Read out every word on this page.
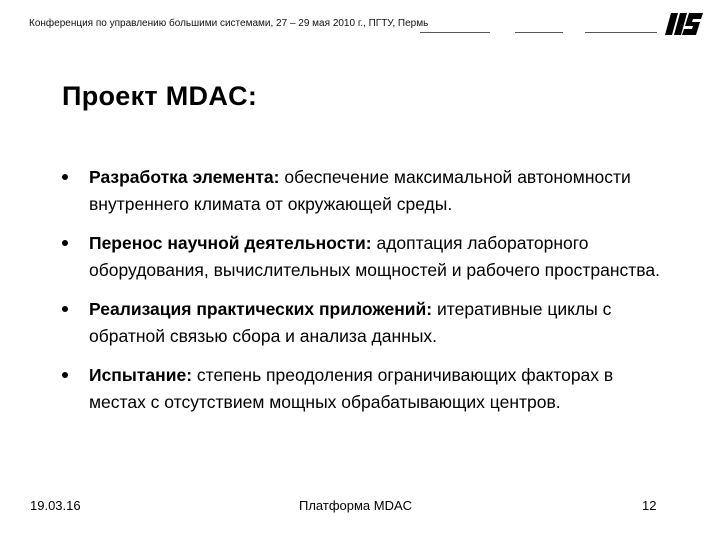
Конференция по управлению большими системами, 27 – 29 мая 2010 г., ПГТУ, Пермь
Проект MDAC:
Разработка элемента: обеспечение максимальной автономности внутреннего климата от окружающей среды.
Перенос научной деятельности: адоптация лабораторного оборудования, вычислительных мощностей и рабочего пространства.
Реализация практических приложений: итеративные циклы с обратной связью сбора и анализа данных.
Испытание: степень преодоления ограничивающих факторах в местах с отсутствием мощных обрабатывающих центров.
19.03.16	Платформа MDAC	12
